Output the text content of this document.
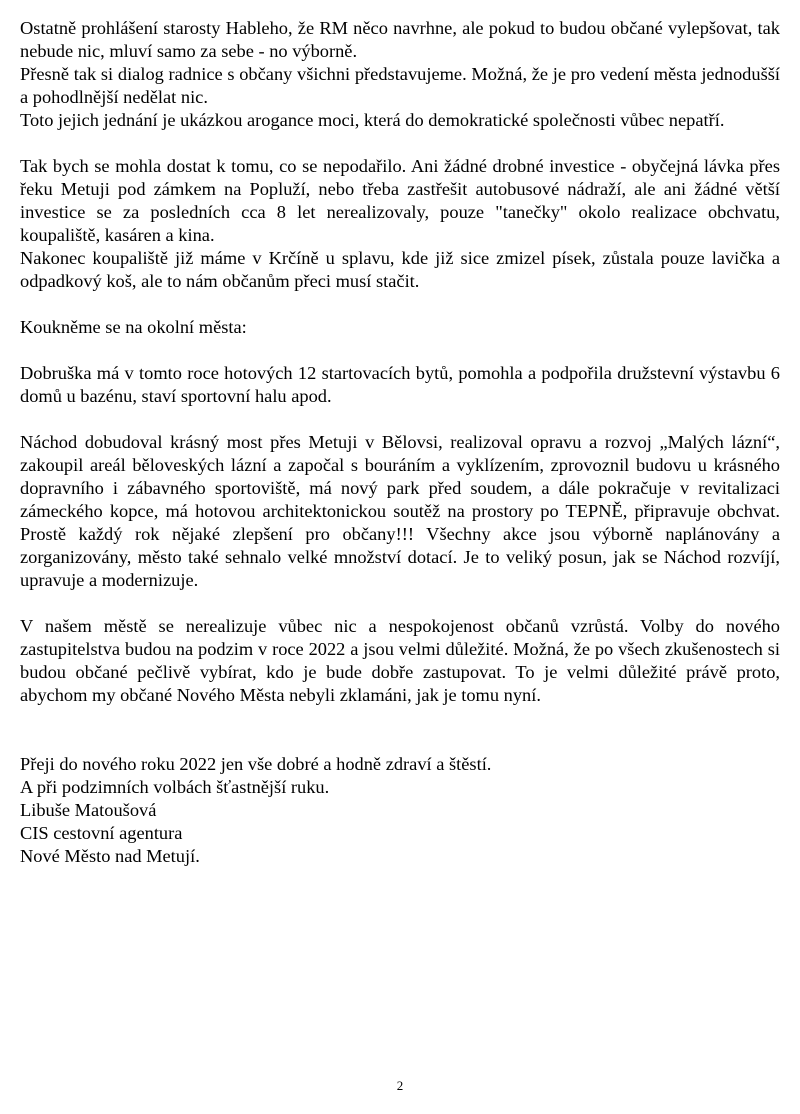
Ostatně prohlášení starosty Hableho, že RM něco navrhne, ale pokud to budou občané vylepšovat, tak nebude nic, mluví samo za sebe - no výborně.

Přesně tak si dialog radnice s občany všichni představujeme. Možná, že je pro vedení města jednodušší a pohodlnější nedělat nic.

Toto jejich jednání je ukázkou arogance moci, která do demokratické společnosti vůbec nepatří.

Tak bych se mohla dostat k tomu, co se nepodařilo. Ani žádné drobné investice - obyčejná lávka přes řeku Metuji pod zámkem na Popluží, nebo třeba zastřešit autobusové nádraží, ale ani žádné větší investice se za posledních cca 8 let nerealizovaly, pouze "tanečky" okolo realizace obchvatu, koupaliště, kasáren a kina.

Nakonec koupaliště již máme v Krčíně u splavu, kde již sice zmizel písek, zůstala pouze lavička a odpadkový koš, ale to nám občanům přeci musí stačit.

Koukněme se na okolní města:

Dobruška má v tomto roce hotových 12 startovacích bytů, pomohla a podpořila družstevní výstavbu 6 domů u bazénu, staví sportovní halu apod.

Náchod dobudoval krásný most přes Metuji v Bělovsi, realizoval opravu a rozvoj „Malých lázní“, zakoupil areál běloveských lázní a započal s bouráním a vyklízením, zprovoznil budovu u krásného dopravního i zábavného sportoviště, má nový park před soudem, a dále pokračuje v revitalizaci zámeckého kopce, má hotovou architektonickou soutěž na prostory po TEPNĚ, připravuje obchvat. Prostě každý rok nějaké zlepšení pro občany!!! Všechny akce jsou výborně naplánovány a zorganizovány, město také sehnalo velké množství dotací. Je to veliký posun, jak se Náchod rozvíjí, upravuje a modernizuje.

V našem městě se nerealizuje vůbec nic a nespokojenost občanů vzrůstá. Volby do nového zastupitelstva budou na podzim v roce 2022 a jsou velmi důležité. Možná, že po všech zkušenostech si budou občané pečlivě vybírat, kdo je bude dobře zastupovat. To je velmi důležité právě proto, abychom my občané Nového Města nebyli zklamáni, jak je tomu nyní.

Přeji do nového roku 2022 jen vše dobré a hodně zdraví a štěstí.

A při podzimních volbách šťastnější ruku.

Libuše Matoušová

CIS cestovní agentura

Nové Město nad Metují.

2
